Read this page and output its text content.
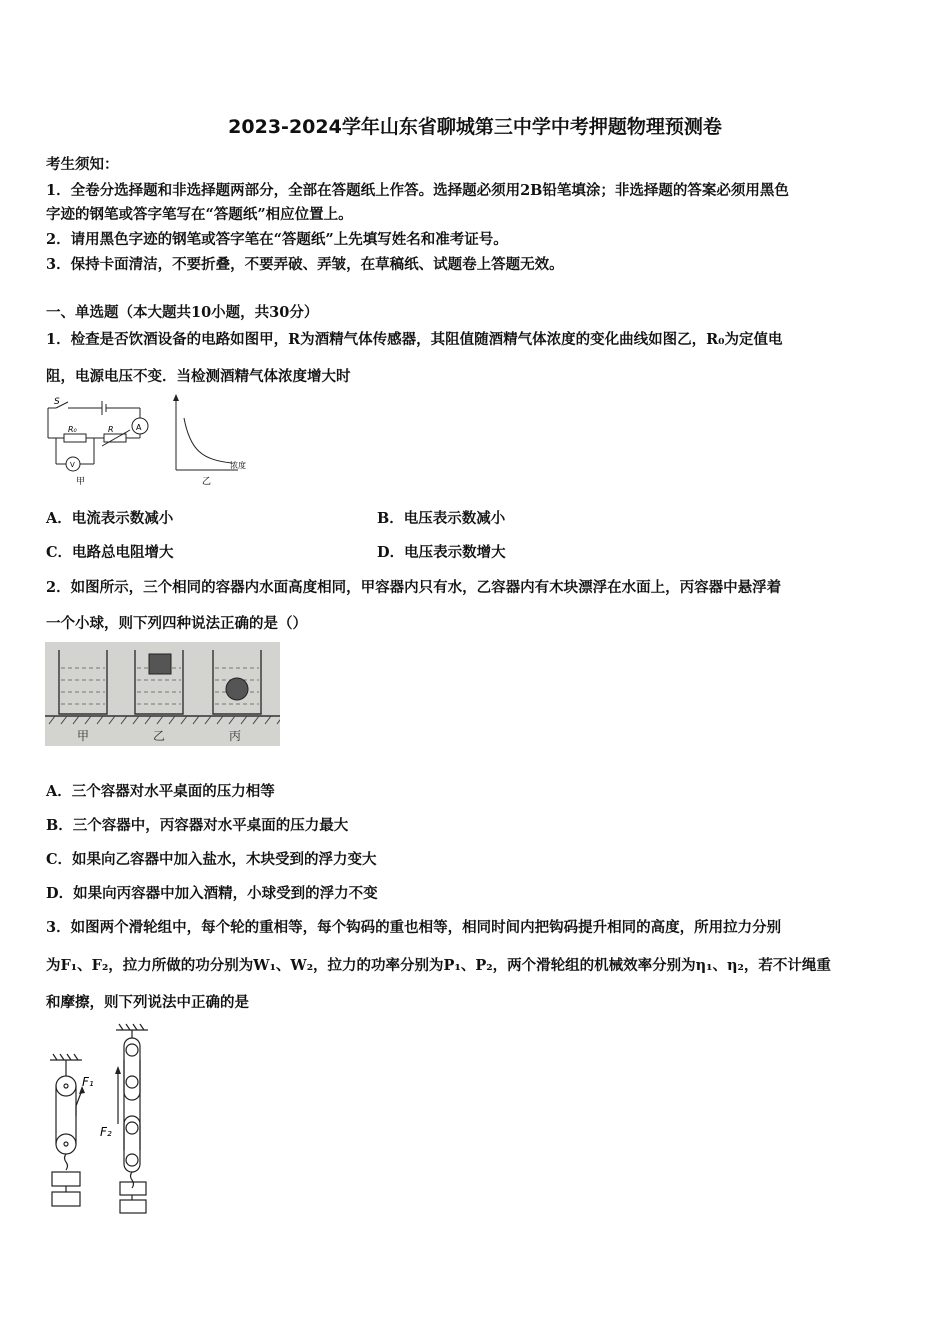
2023-2024学年山东省聊城第三中学中考押题物理预测卷
考生须知：
1．全卷分选择题和非选择题两部分，全部在答题纸上作答。选择题必须用2B铅笔填涂；非选择题的答案必须用黑色
字迹的钢笔或答字笔写在“答题纸”相应位置上。
2．请用黑色字迹的钢笔或答字笔在“答题纸”上先填写姓名和准考证号。
3．保持卡面清洁，不要折叠，不要弄破、弄皱，在草稿纸、试题卷上答题无效。
一、单选题（本大题共10小题，共30分）
1．检查是否饮酒设备的电路如图甲，R为酒精气体传感器，其阻值随酒精气体浓度的变化曲线如图乙，R₀为定值电
阻，电源电压不变．当检测酒精气体浓度增大时
S
R₀	R	A
V
甲	乙
浓度
A．电流表示数减小	B．电压表示数减小
C．电路总电阻增大	D．电压表示数增大
2．如图所示，三个相同的容器内水面高度相同，甲容器内只有水，乙容器内有木块漂浮在水面上，丙容器中悬浮着
一个小球，则下列四种说法正确的是（）
甲	乙	丙
A．三个容器对水平桌面的压力相等
B．三个容器中，丙容器对水平桌面的压力最大
C．如果向乙容器中加入盐水，木块受到的浮力变大
D．如果向丙容器中加入酒精，小球受到的浮力不变
3．如图两个滑轮组中，每个轮的重相等，每个钩码的重也相等，相同时间内把钩码提升相同的高度，所用拉力分别
为F₁、F₂，拉力所做的功分别为W₁、W₂，拉力的功率分别为P₁、P₂，两个滑轮组的机械效率分别为η₁、η₂，若不计绳重
和摩擦，则下列说法中正确的是
F₁
F₂
